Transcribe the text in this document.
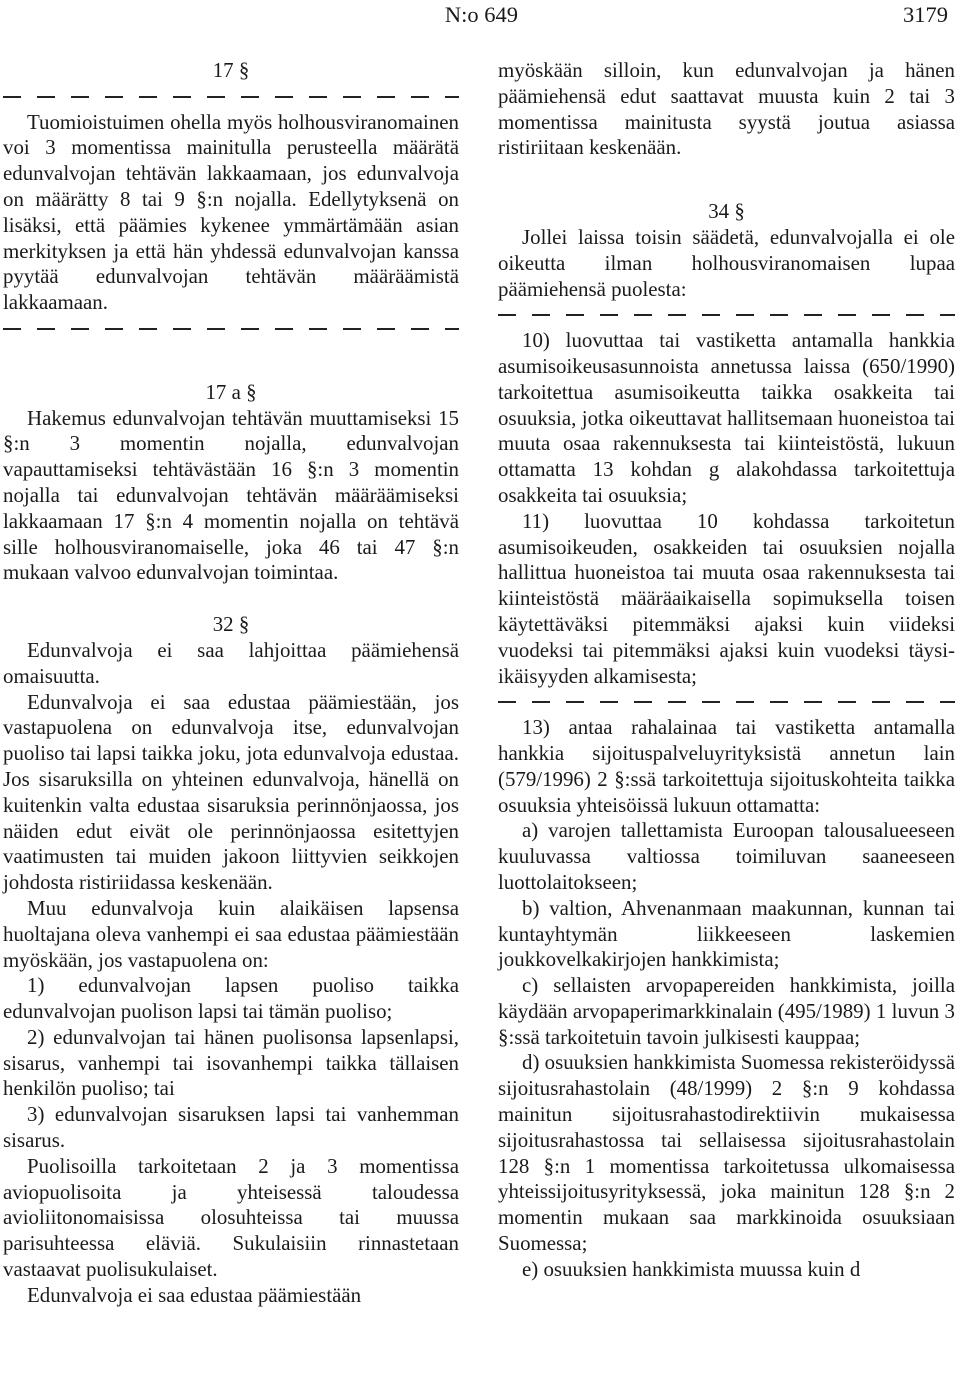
N:o 649	3179
17 §

Tuomioistuimen ohella myös holhousviranomainen voi 3 momentissa mainitulla perusteella määrätä edunvalvojan tehtävän lakkaamaan, jos edunvalvoja on määrätty 8 tai 9 §:n nojalla. Edellytyksenä on lisäksi, että päämies kykenee ymmärtämään asian merkityksen ja että hän yhdessä edunvalvojan kanssa pyytää edunvalvojan tehtävän määräämistä lakkaamaan.

17 a §

Hakemus edunvalvojan tehtävän muuttamiseksi 15 §:n 3 momentin nojalla, edunvalvojan vapauttamiseksi tehtävästään 16 §:n 3 momentin nojalla tai edunvalvojan tehtävän määräämiseksi lakkaamaan 17 §:n 4 momentin nojalla on tehtävä sille holhousviranomaiselle, joka 46 tai 47 §:n mukaan valvoo edunvalvojan toimintaa.

32 §

Edunvalvoja ei saa lahjoittaa päämiehensä omaisuutta.

Edunvalvoja ei saa edustaa päämiestään, jos vastapuolena on edunvalvoja itse, edunvalvojan puoliso tai lapsi taikka joku, jota edunvalvoja edustaa. Jos sisaruksilla on yhteinen edunvalvoja, hänellä on kuitenkin valta edustaa sisaruksia perinnönjaossa, jos näiden edut eivät ole perinnönjaossa esitettyjen vaatimusten tai muiden jakoon liittyvien seikkojen johdosta ristiriidassa keskenään.

Muu edunvalvoja kuin alaikäisen lapsensa huoltajana oleva vanhempi ei saa edustaa päämiestään myöskään, jos vastapuolena on:

1) edunvalvojan lapsen puoliso taikka edunvalvojan puolison lapsi tai tämän puoliso;

2) edunvalvojan tai hänen puolisonsa lapsenlapsi, sisarus, vanhempi tai isovanhempi taikka tällaisen henkilön puoliso; tai

3) edunvalvojan sisaruksen lapsi tai vanhemman sisarus.

Puolisoilla tarkoitetaan 2 ja 3 momentissa aviopuolisoita ja yhteisessä taloudessa avioliitonomaisissa olosuhteissa tai muussa parisuhteessa eläviä. Sukulaisiin rinnastetaan vastaavat puolisukulaiset.

Edunvalvoja ei saa edustaa päämiestään

myöskään silloin, kun edunvalvojan ja hänen päämiehensä edut saattavat muusta kuin 2 tai 3 momentissa mainitusta syystä joutua asiassa ristiriitaan keskenään.

34 §

Jollei laissa toisin säädetä, edunvalvojalla ei ole oikeutta ilman holhousviranomaisen lupaa päämiehensä puolesta:

10) luovuttaa tai vastiketta antamalla hankkia asumisoikeusasunnoista annetussa laissa (650/1990) tarkoitettua asumisoikeutta taikka osakkeita tai osuuksia, jotka oikeuttavat hallitsemaan huoneistoa tai muuta osaa rakennuksesta tai kiinteistöstä, lukuun ottamatta 13 kohdan g alakohdassa tarkoitettuja osakkeita tai osuuksia;

11) luovuttaa 10 kohdassa tarkoitetun asumisoikeuden, osakkeiden tai osuuksien nojalla hallittua huoneistoa tai muuta osaa rakennuksesta tai kiinteistöstä määräaikaisella sopimuksella toisen käytettäväksi pitemmäksi ajaksi kuin viideksi vuodeksi tai pitemmäksi ajaksi kuin vuodeksi täysi-ikäisyyden alkamisesta;

13) antaa rahalainaa tai vastiketta antamalla hankkia sijoituspalveluyrityksistä annetun lain (579/1996) 2 §:ssä tarkoitettuja sijoituskohteita taikka osuuksia yhteisöissä lukuun ottamatta:

a) varojen tallettamista Euroopan talousalueeseen kuuluvassa valtiossa toimiluvan saaneeseen luottolaitokseen;

b) valtion, Ahvenanmaan maakunnan, kunnan tai kuntayhtymän liikkeeseen laskemien joukkovelkakirjojen hankkimista;

c) sellaisten arvopapereiden hankkimista, joilla käydään arvopaperimarkkinalain (495/1989) 1 luvun 3 §:ssä tarkoitetuin tavoin julkisesti kauppaa;

d) osuuksien hankkimista Suomessa rekisteröidyssä sijoitusrahastolain (48/1999) 2 §:n 9 kohdassa mainitun sijoitusrahastodirektiivin mukaisessa sijoitusrahastossa tai sellaisessa sijoitusrahastolain 128 §:n 1 momentissa tarkoitetussa ulkomaisessa yhteissijoitusyrityksessä, joka mainitun 128 §:n 2 momentin mukaan saa markkinoida osuuksiaan Suomessa;

e) osuuksien hankkimista muussa kuin d
